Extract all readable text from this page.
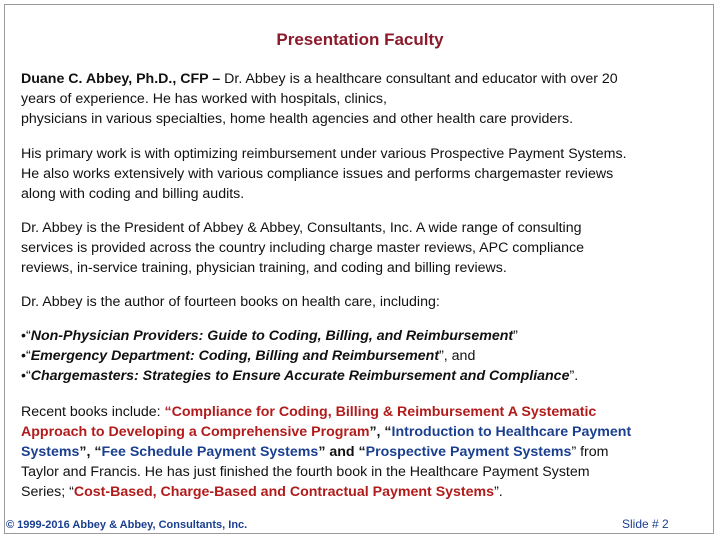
Presentation Faculty

Duane C. Abbey, Ph.D., CFP – Dr. Abbey is a healthcare consultant and educator with over 20
years of experience. He has worked with hospitals, clinics,
physicians in various specialties, home health agencies and other health care providers.

His primary work is with optimizing reimbursement under various Prospective Payment Systems.
He also works extensively with various compliance issues and performs chargemaster reviews
along with coding and billing audits.

Dr. Abbey is the President of Abbey & Abbey, Consultants, Inc. A wide range of consulting
services is provided across the country including charge master reviews, APC compliance
reviews, in-service training, physician training, and coding and billing reviews.

Dr. Abbey is the author of fourteen books on health care, including:

•“Non-Physician Providers: Guide to Coding, Billing, and Reimbursement”
•“Emergency Department: Coding, Billing and Reimbursement”, and
•“Chargemasters: Strategies to Ensure Accurate Reimbursement and Compliance”.

Recent books include: “Compliance for Coding, Billing & Reimbursement A Systematic
Approach to Developing a Comprehensive Program”, “Introduction to Healthcare Payment
Systems”, “Fee Schedule Payment Systems” and “Prospective Payment Systems” from
Taylor and Francis. He has just finished the fourth book in the Healthcare Payment System
Series; “Cost-Based, Charge-Based and Contractual Payment Systems”.

© 1999-2016 Abbey & Abbey, Consultants, Inc.	Slide # 2
